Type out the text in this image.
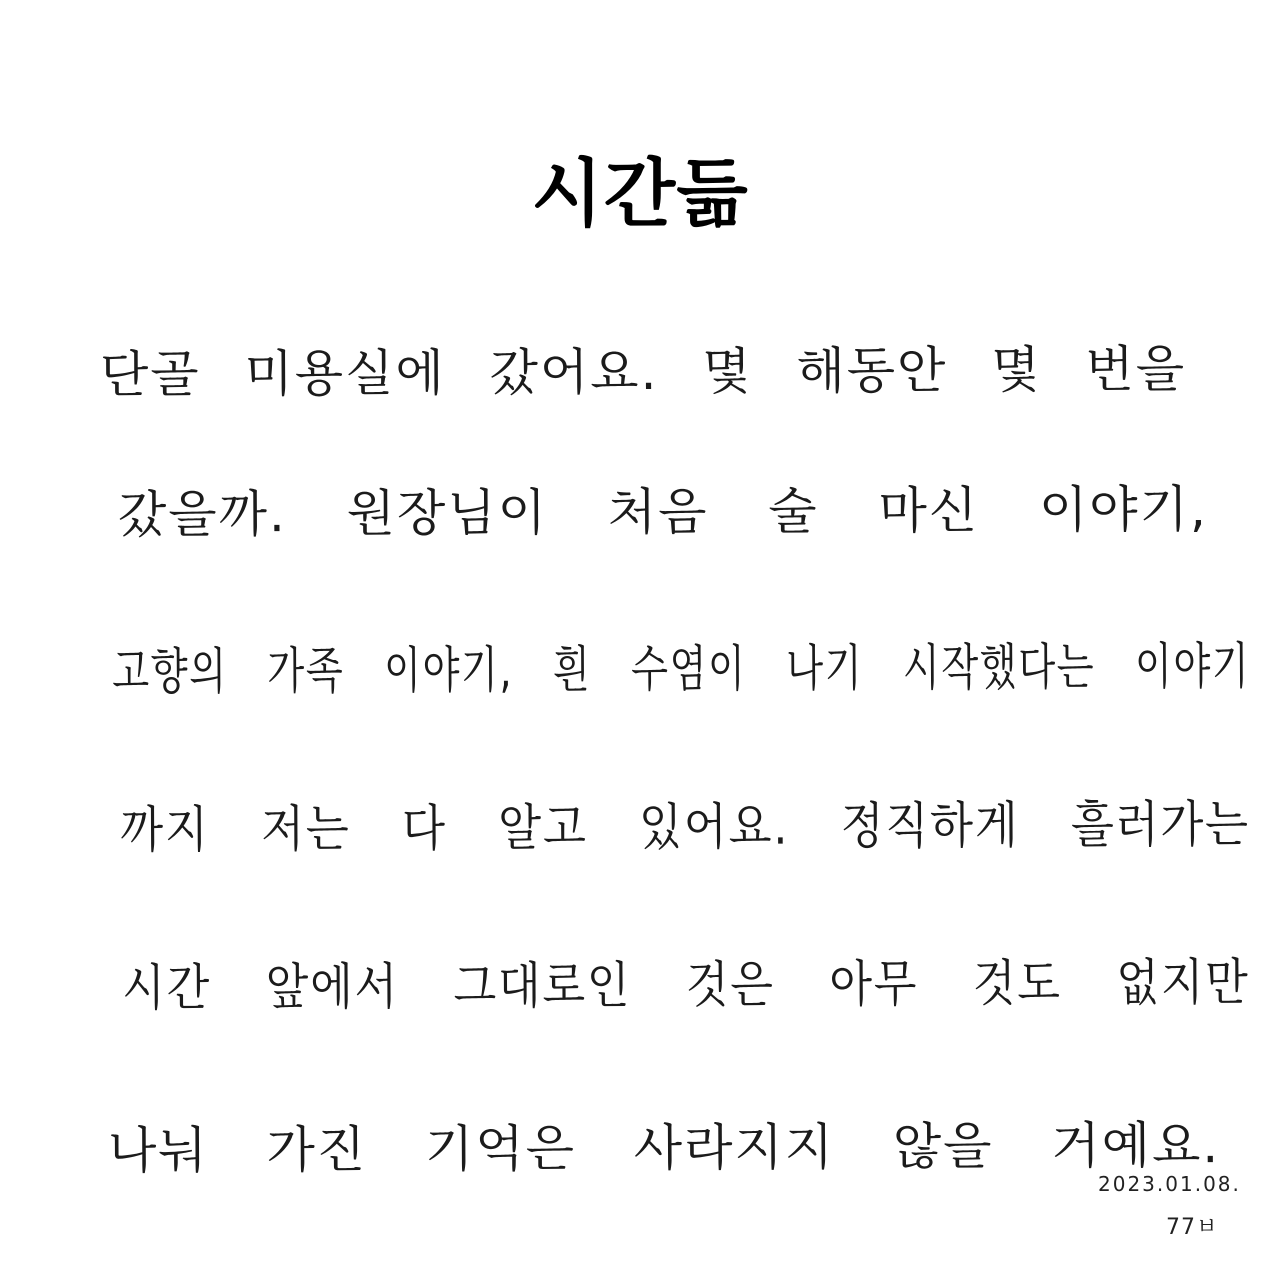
시간듦
단골 미용실에 갔어요. 몇 해동안 몇 번을
갔을까. 원장님이 처음 술 마신 이야기,
고향의 가족 이야기, 흰 수염이 나기 시작했다는 이야기
까지 저는 다 알고 있어요. 정직하게 흘러가는
시간 앞에서 그대로인 것은 아무 것도 없지만
나눠 가진 기억은 사라지지 않을 거예요.
2023.01.08.
77ㅂ
